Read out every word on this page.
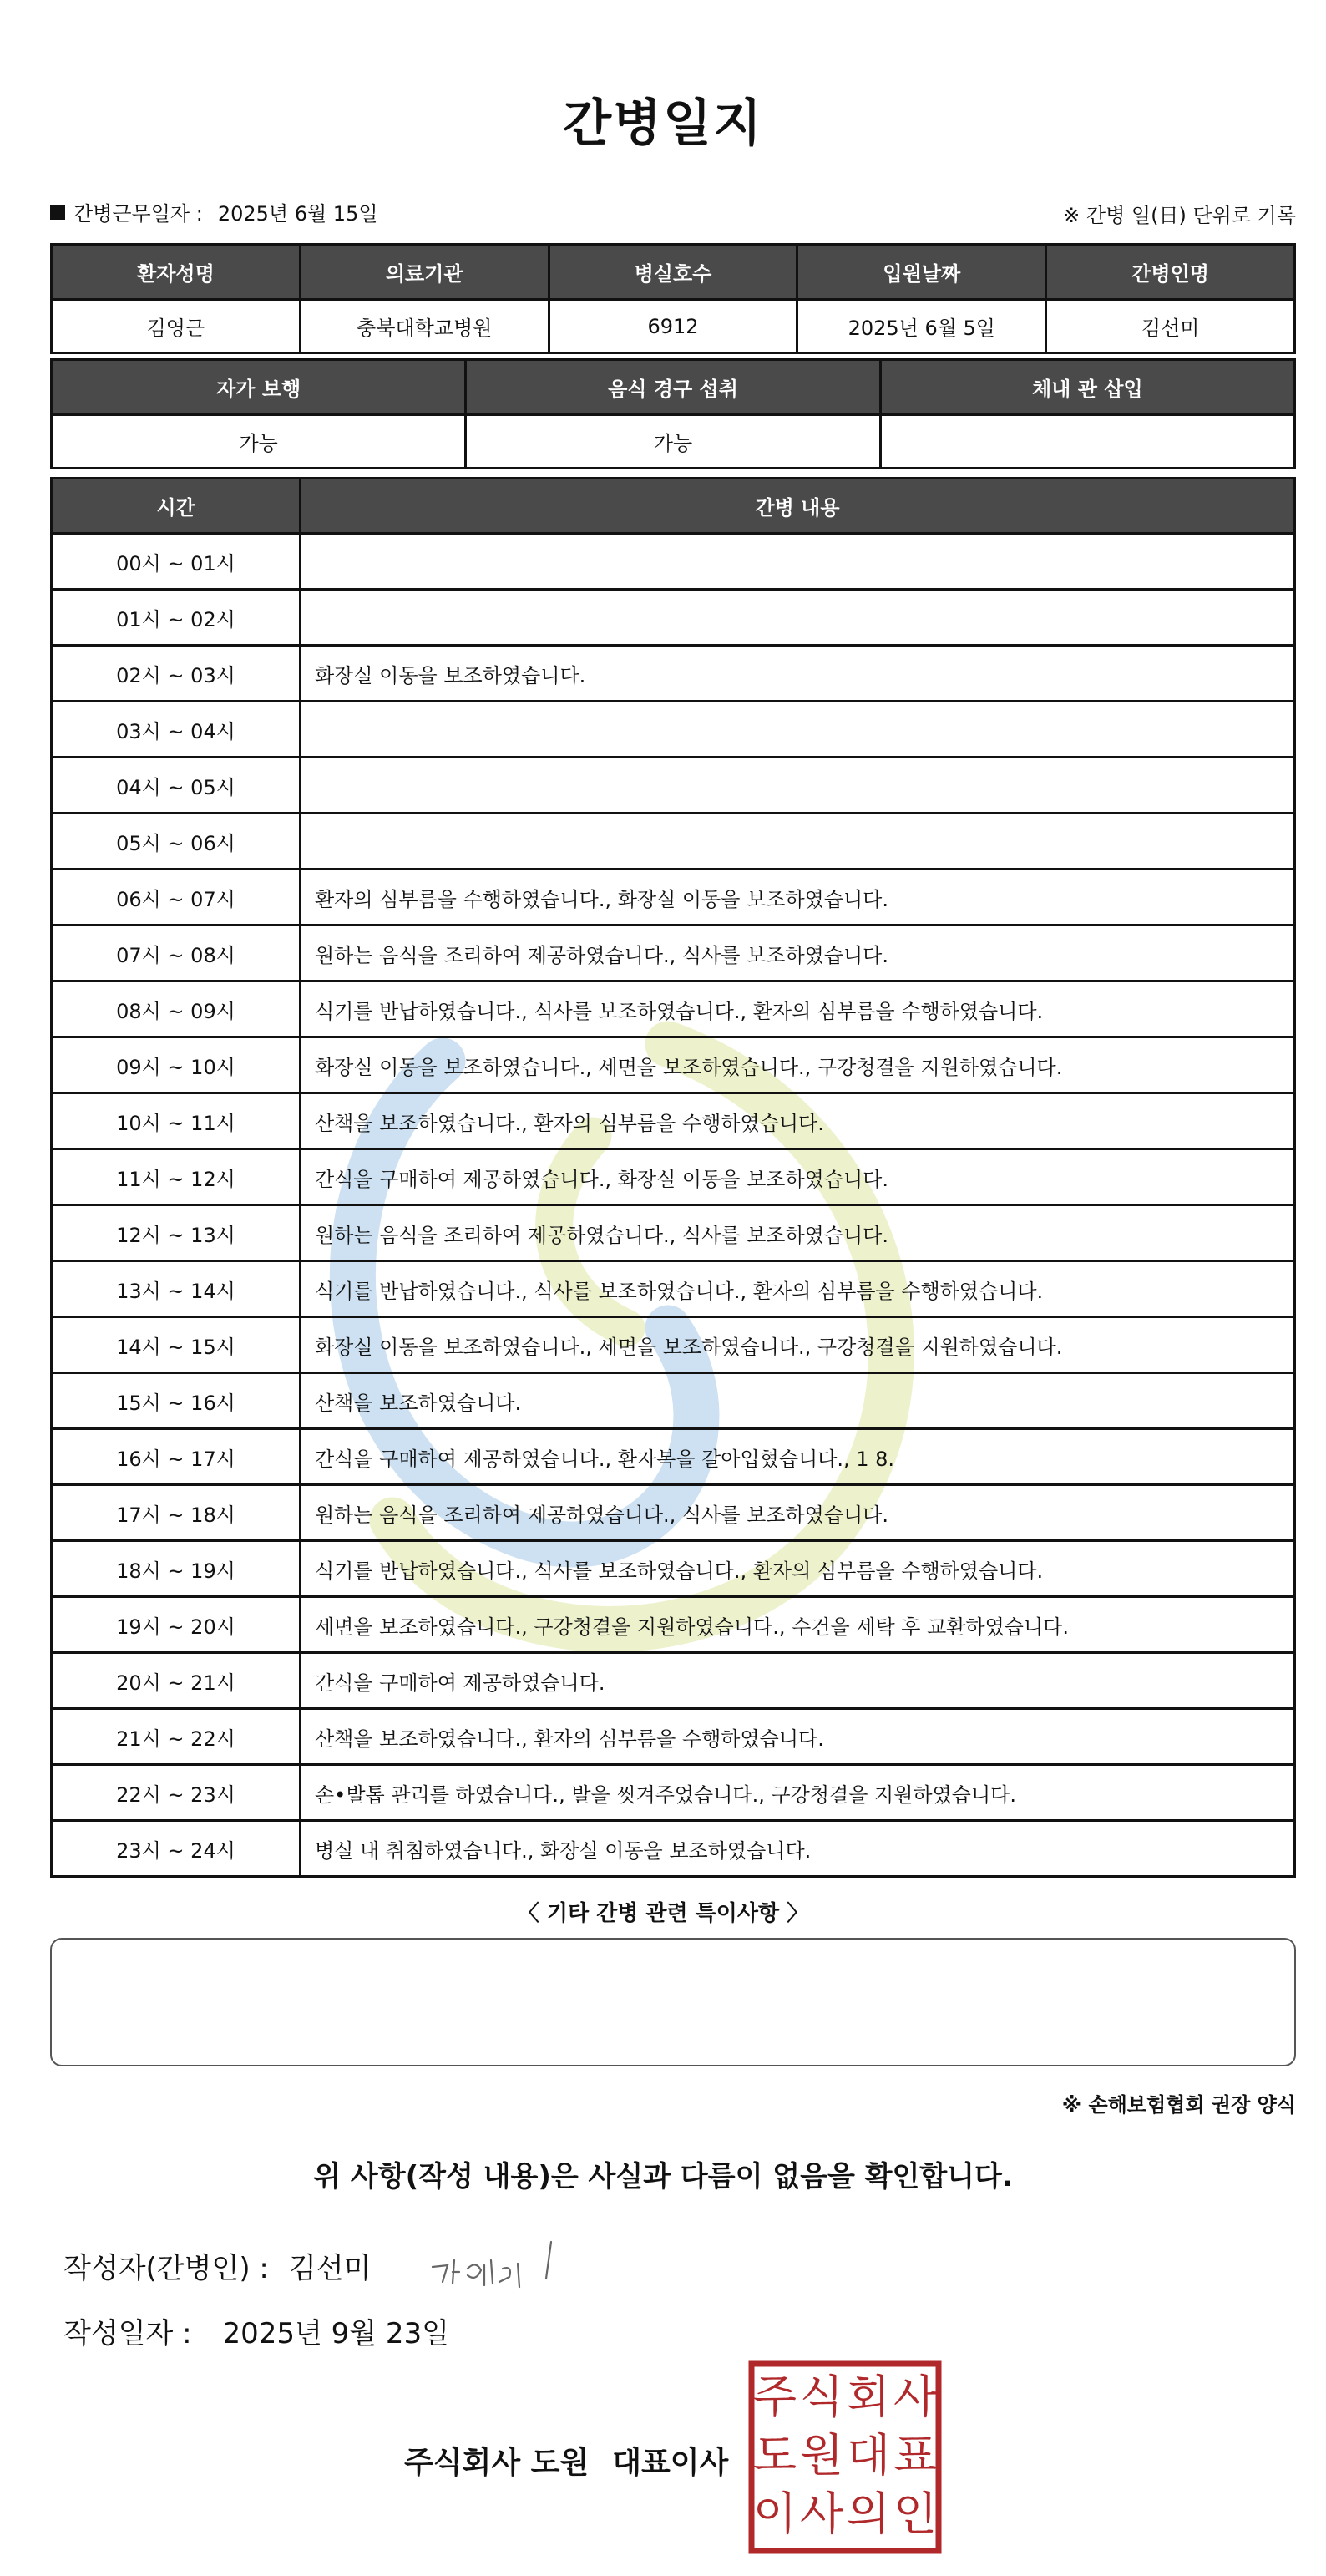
간병일지
간병근무일자 : 2025년 6월 15일	※ 간병 일(日) 단위로 기록
환자성명	의료기관	병실호수	입원날짜	간병인명
김영근	충북대학교병원	6912	2025년 6월 5일	김선미
자가 보행	음식 경구 섭취	체내 관 삽입
가능	가능	
시간	간병 내용
00시 ~ 01시	
01시 ~ 02시	
02시 ~ 03시	화장실 이동을 보조하였습니다.
03시 ~ 04시	
04시 ~ 05시	
05시 ~ 06시	
06시 ~ 07시	환자의 심부름을 수행하였습니다., 화장실 이동을 보조하였습니다.
07시 ~ 08시	원하는 음식을 조리하여 제공하였습니다., 식사를 보조하였습니다.
08시 ~ 09시	식기를 반납하였습니다., 식사를 보조하였습니다., 환자의 심부름을 수행하였습니다.
09시 ~ 10시	화장실 이동을 보조하였습니다., 세면을 보조하였습니다., 구강청결을 지원하였습니다.
10시 ~ 11시	산책을 보조하였습니다., 환자의 심부름을 수행하였습니다.
11시 ~ 12시	간식을 구매하여 제공하였습니다., 화장실 이동을 보조하였습니다.
12시 ~ 13시	원하는 음식을 조리하여 제공하였습니다., 식사를 보조하였습니다.
13시 ~ 14시	식기를 반납하였습니다., 식사를 보조하였습니다., 환자의 심부름을 수행하였습니다.
14시 ~ 15시	화장실 이동을 보조하였습니다., 세면을 보조하였습니다., 구강청결을 지원하였습니다.
15시 ~ 16시	산책을 보조하였습니다.
16시 ~ 17시	간식을 구매하여 제공하였습니다., 환자복을 갈아입혔습니다., 1 8.
17시 ~ 18시	원하는 음식을 조리하여 제공하였습니다., 식사를 보조하였습니다.
18시 ~ 19시	식기를 반납하였습니다., 식사를 보조하였습니다., 환자의 심부름을 수행하였습니다.
19시 ~ 20시	세면을 보조하였습니다., 구강청결을 지원하였습니다., 수건을 세탁 후 교환하였습니다.
20시 ~ 21시	간식을 구매하여 제공하였습니다.
21시 ~ 22시	산책을 보조하였습니다., 환자의 심부름을 수행하였습니다.
22시 ~ 23시	손•발톱 관리를 하였습니다., 발을 씻겨주었습니다., 구강청결을 지원하였습니다.
23시 ~ 24시	병실 내 취침하였습니다., 화장실 이동을 보조하였습니다.
〈 기타 간병 관련 특이사항 〉
※ 손해보험협회 권장 양식
위 사항(작성 내용)은 사실과 다름이 없음을 확인합니다.
작성자(간병인) : 김선미
작성일자 : 2025년 9월 23일
주식회사 도원 대표이사
주 식 회 사
도 원 대 표
이 사 의 인
